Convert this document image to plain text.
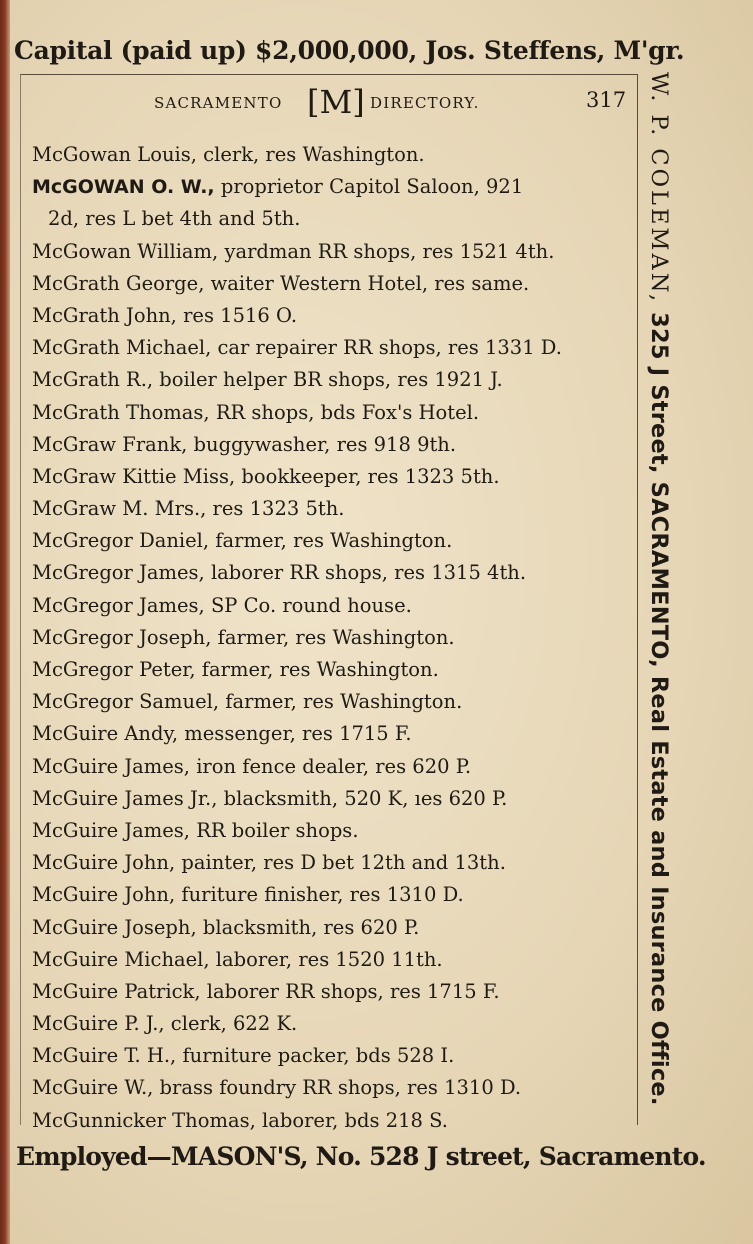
Capital (paid up) $2,000,000, Jos. Steffens, M'gr.
SACRAMENTO [M] DIRECTORY.	317
McGowan Louis, clerk, res Washington.
McGOWAN O. W., proprietor Capitol Saloon, 921
2d, res L bet 4th and 5th.
McGowan William, yardman RR shops, res 1521 4th.
McGrath George, waiter Western Hotel, res same.
McGrath John, res 1516 O.
McGrath Michael, car repairer RR shops, res 1331 D.
McGrath R., boiler helper BR shops, res 1921 J.
McGrath Thomas, RR shops, bds Fox's Hotel.
McGraw Frank, buggywasher, res 918 9th.
McGraw Kittie Miss, bookkeeper, res 1323 5th.
McGraw M. Mrs., res 1323 5th.
McGregor Daniel, farmer, res Washington.
McGregor James, laborer RR shops, res 1315 4th.
McGregor James, SP Co. round house.
McGregor Joseph, farmer, res Washington.
McGregor Peter, farmer, res Washington.
McGregor Samuel, farmer, res Washington.
McGuire Andy, messenger, res 1715 F.
McGuire James, iron fence dealer, res 620 P.
McGuire James Jr., blacksmith, 520 K, ıes 620 P.
McGuire James, RR boiler shops.
McGuire John, painter, res D bet 12th and 13th.
McGuire John, furiture finisher, res 1310 D.
McGuire Joseph, blacksmith, res 620 P.
McGuire Michael, laborer, res 1520 11th.
McGuire Patrick, laborer RR shops, res 1715 F.
McGuire P. J., clerk, 622 K.
McGuire T. H., furniture packer, bds 528 I.
McGuire W., brass foundry RR shops, res 1310 D.
McGunnicker Thomas, laborer, bds 218 S.
W. P. COLEMAN, 325 J Street, SACRAMENTO, Real Estate and Insurance Office.
Employed—MASON'S, No. 528 J street, Sacramento.
